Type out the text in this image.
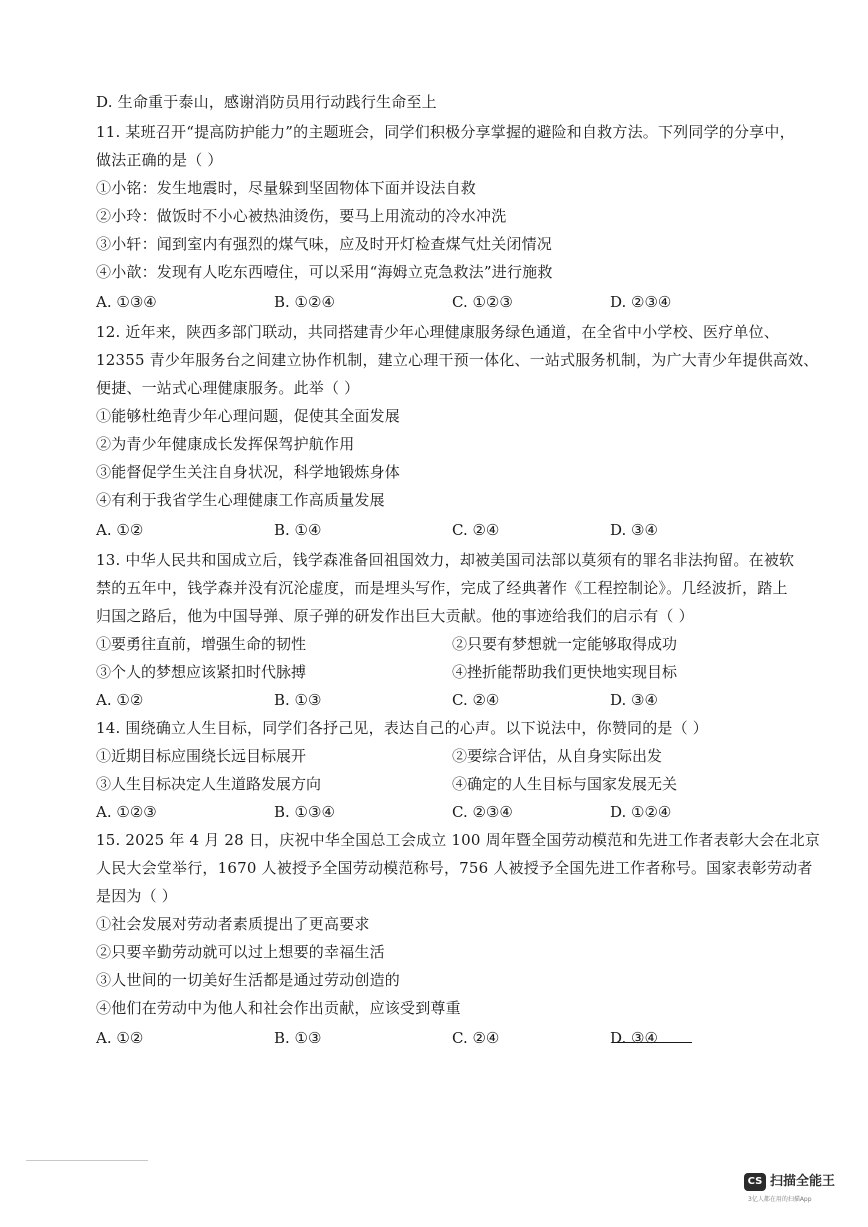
D. 生命重于泰山，感谢消防员用行动践行生命至上
11. 某班召开“提高防护能力”的主题班会，同学们积极分享掌握的避险和自救方法。下列同学的分享中，
做法正确的是（ ）
①小铭：发生地震时，尽量躲到坚固物体下面并设法自救
②小玲：做饭时不小心被热油烫伤，要马上用流动的冷水冲洗
③小轩：闻到室内有强烈的煤气味，应及时开灯检查煤气灶关闭情况
④小歆：发现有人吃东西噎住，可以采用“海姆立克急救法”进行施救
A. ①③④	B. ①②④	C. ①②③	D. ②③④
12. 近年来，陕西多部门联动，共同搭建青少年心理健康服务绿色通道，在全省中小学校、医疗单位、
12355 青少年服务台之间建立协作机制，建立心理干预一体化、一站式服务机制，为广大青少年提供高效、
便捷、一站式心理健康服务。此举（ ）
①能够杜绝青少年心理问题，促使其全面发展
②为青少年健康成长发挥保驾护航作用
③能督促学生关注自身状况，科学地锻炼身体
④有利于我省学生心理健康工作高质量发展
A. ①②	B. ①④	C. ②④	D. ③④
13. 中华人民共和国成立后，钱学森准备回祖国效力，却被美国司法部以莫须有的罪名非法拘留。在被软
禁的五年中，钱学森并没有沉沦虚度，而是埋头写作，完成了经典著作《工程控制论》。几经波折，踏上
归国之路后，他为中国导弹、原子弹的研发作出巨大贡献。他的事迹给我们的启示有（ ）
①要勇往直前，增强生命的韧性	②只要有梦想就一定能够取得成功
③个人的梦想应该紧扣时代脉搏	④挫折能帮助我们更快地实现目标
A. ①②	B. ①③	C. ②④	D. ③④
14. 围绕确立人生目标，同学们各抒己见，表达自己的心声。以下说法中，你赞同的是（ ）
①近期目标应围绕长远目标展开	②要综合评估，从自身实际出发
③人生目标决定人生道路发展方向	④确定的人生目标与国家发展无关
A. ①②③	B. ①③④	C. ②③④	D. ①②④
15. 2025 年 4 月 28 日，庆祝中华全国总工会成立 100 周年暨全国劳动模范和先进工作者表彰大会在北京
人民大会堂举行，1670 人被授予全国劳动模范称号，756 人被授予全国先进工作者称号。国家表彰劳动者
是因为（ ）
①社会发展对劳动者素质提出了更高要求
②只要辛勤劳动就可以过上想要的幸福生活
③人世间的一切美好生活都是通过劳动创造的
④他们在劳动中为他人和社会作出贡献，应该受到尊重
A. ①②	B. ①③	C. ②④	D. ③④
CS 扫描全能王
3亿人都在用的扫描App
